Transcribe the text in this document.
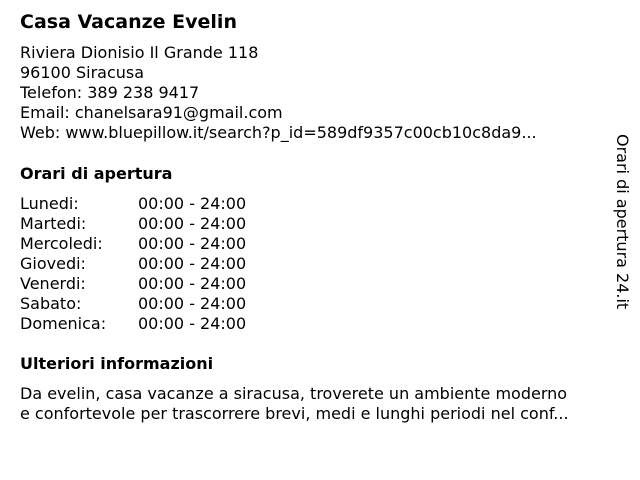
Casa Vacanze Evelin
Riviera Dionisio Il Grande 118
96100 Siracusa
Telefon: 389 238 9417
Email: chanelsara91@gmail.com
Web: www.bluepillow.it/search?p_id=589df9357c00cb10c8da9...
Orari di apertura
Lunedi:	00:00 - 24:00
Martedi:	00:00 - 24:00
Mercoledi:	00:00 - 24:00
Giovedi:	00:00 - 24:00
Venerdi:	00:00 - 24:00
Sabato:	00:00 - 24:00
Domenica:	00:00 - 24:00
Ulteriori informazioni
Da evelin, casa vacanze a siracusa, troverete un ambiente moderno
e confortevole per trascorrere brevi, medi e lunghi periodi nel conf...
Orari di apertura 24.it
